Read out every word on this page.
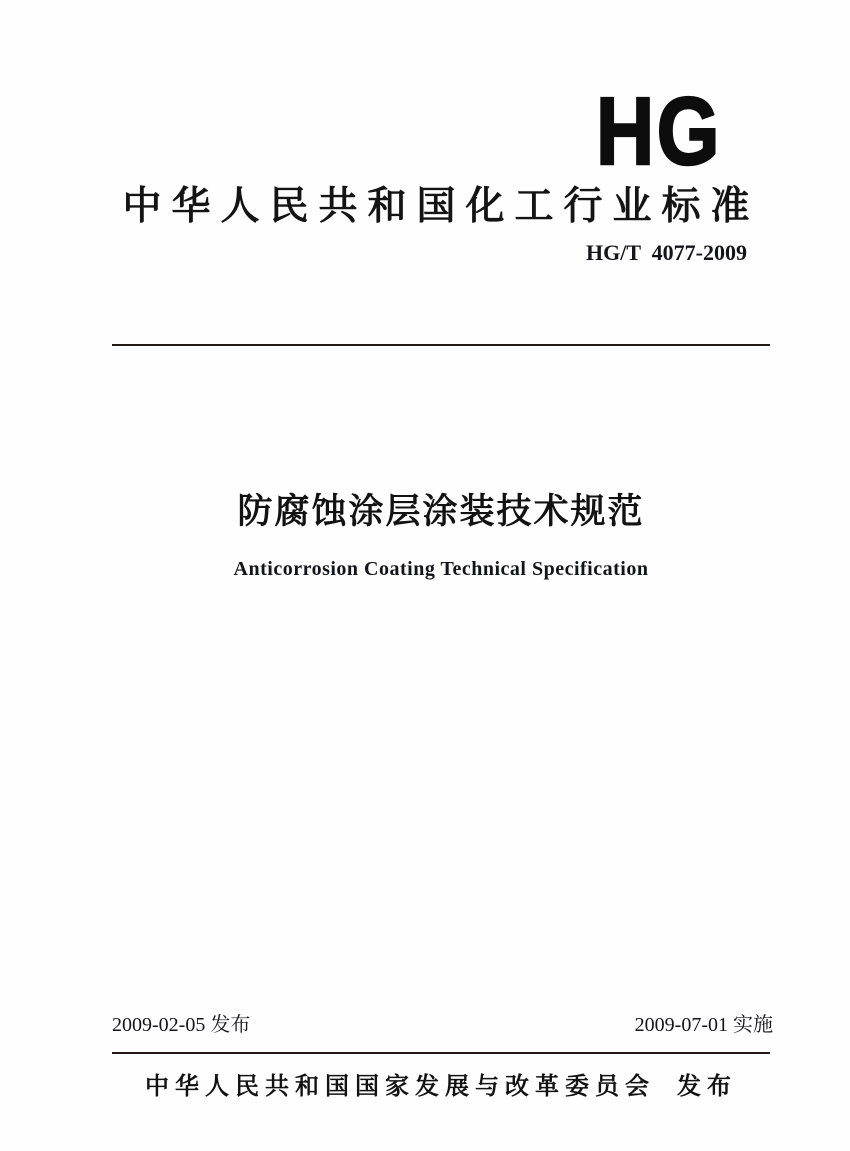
HG
中华人民共和国化工行业标准
HG/T  4077-2009
防腐蚀涂层涂装技术规范
Anticorrosion Coating Technical Specification
2009-02-05 发布	2009-07-01 实施
中华人民共和国国家发展与改革委员会 发布
